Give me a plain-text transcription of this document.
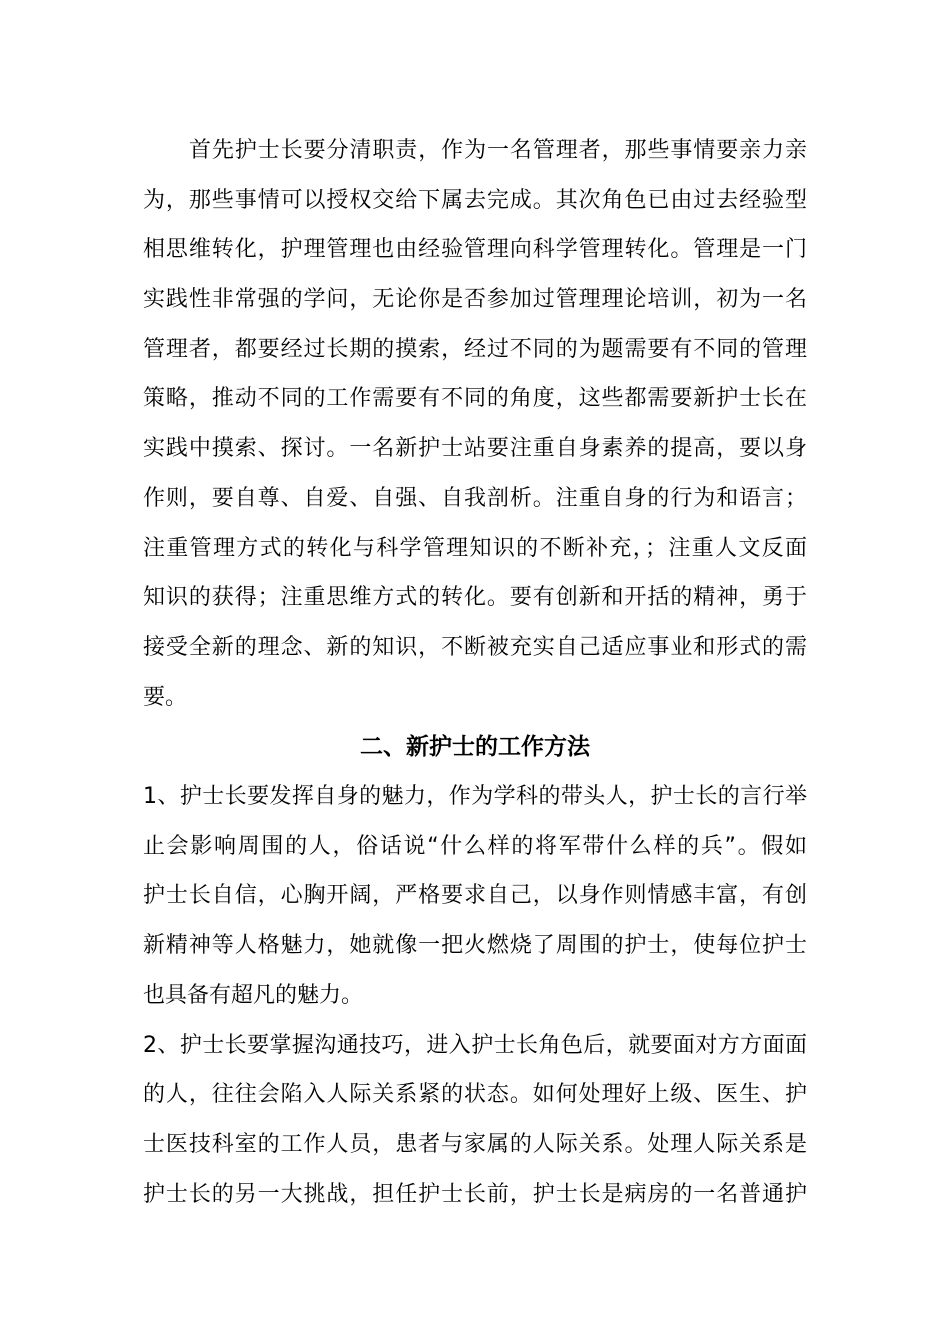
首先护士长要分清职责，作为一名管理者，那些事情要亲力亲
为，那些事情可以授权交给下属去完成。其次角色已由过去经验型
相思维转化，护理管理也由经验管理向科学管理转化。管理是一门
实践性非常强的学问，无论你是否参加过管理理论培训，初为一名
管理者，都要经过长期的摸索，经过不同的为题需要有不同的管理
策略，推动不同的工作需要有不同的角度，这些都需要新护士长在
实践中摸索、探讨。一名新护士站要注重自身素养的提高，要以身
作则，要自尊、自爱、自强、自我剖析。注重自身的行为和语言；
注重管理方式的转化与科学管理知识的不断补充，；注重人文反面
知识的获得；注重思维方式的转化。要有创新和开括的精神，勇于
接受全新的理念、新的知识，不断被充实自己适应事业和形式的需
要。
二、新护士的工作方法
1、护士长要发挥自身的魅力，作为学科的带头人，护士长的言行举
止会影响周围的人，俗话说“什么样的将军带什么样的兵”。假如
护士长自信，心胸开阔，严格要求自己，以身作则情感丰富，有创
新精神等人格魅力，她就像一把火燃烧了周围的护士，使每位护士
也具备有超凡的魅力。
2、护士长要掌握沟通技巧，进入护士长角色后，就要面对方方面面
的人，往往会陷入人际关系紧的状态。如何处理好上级、医生、护
士医技科室的工作人员，患者与家属的人际关系。处理人际关系是
护士长的另一大挑战，担任护士长前，护士长是病房的一名普通护
